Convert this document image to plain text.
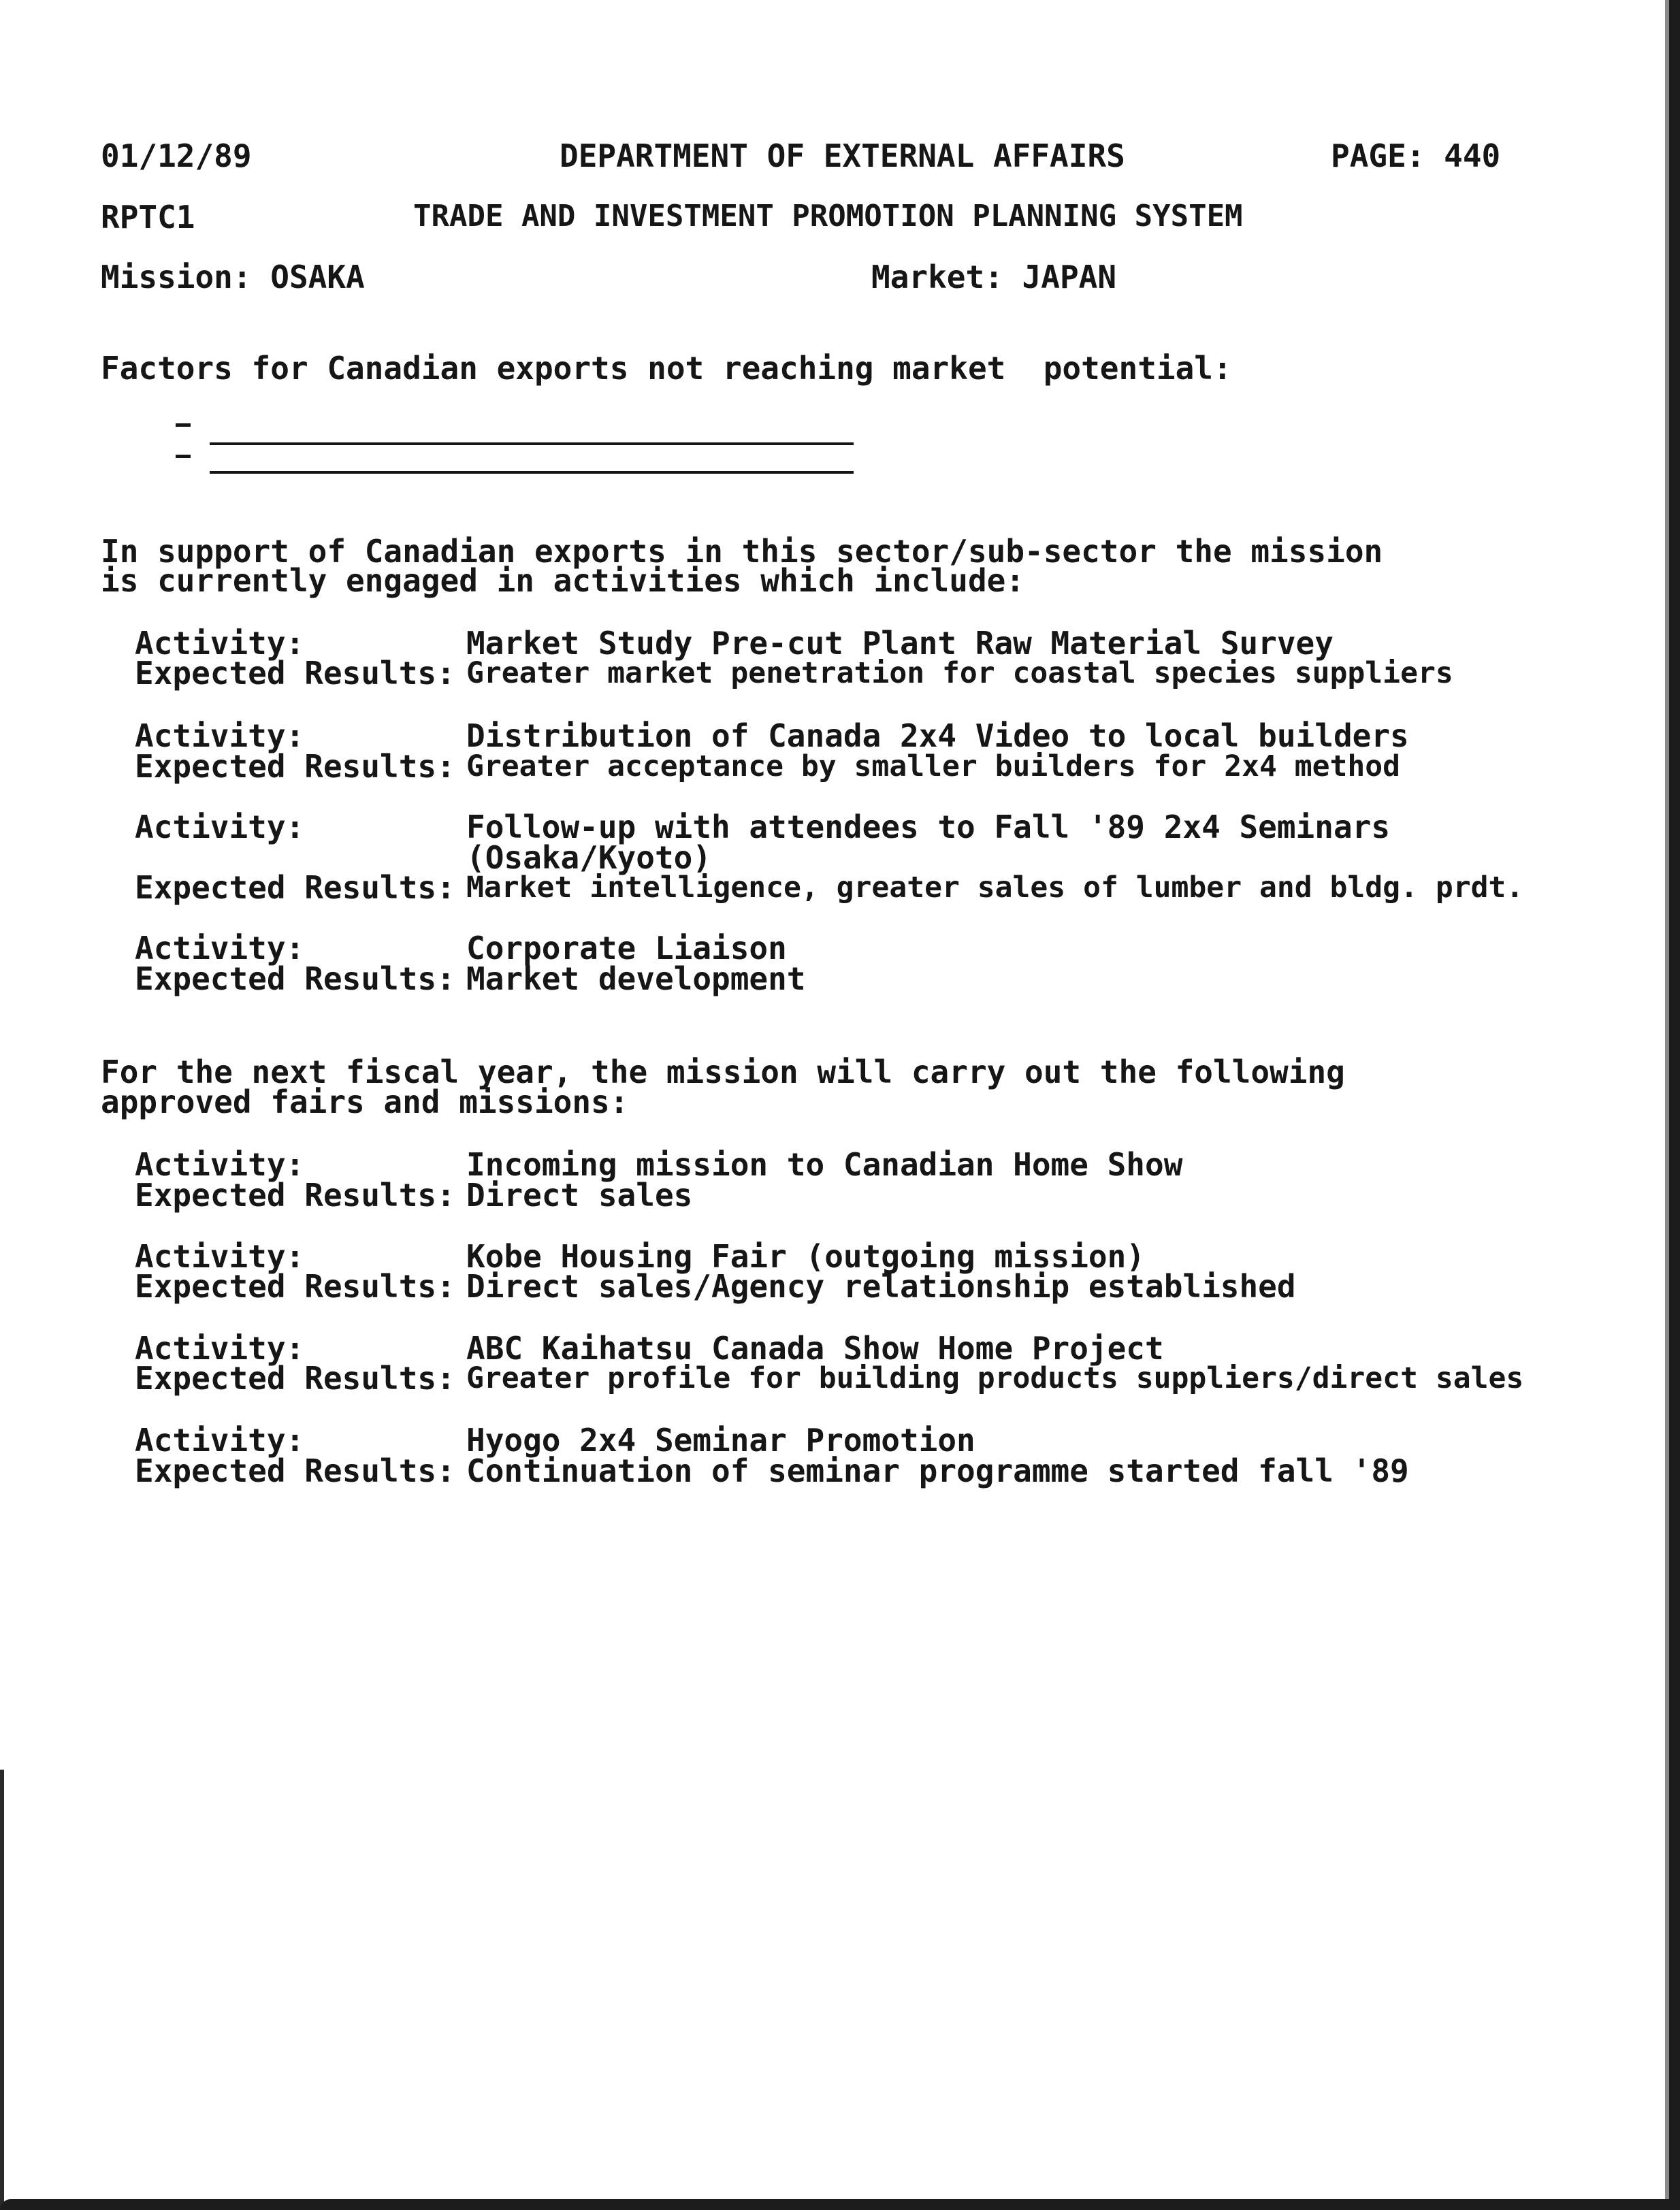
01/12/89	DEPARTMENT OF EXTERNAL AFFAIRS	PAGE: 440
RPTC1	TRADE AND INVESTMENT PROMOTION PLANNING SYSTEM
Mission: OSAKA	Market: JAPAN
Factors for Canadian exports not reaching market  potential:
In support of Canadian exports in this sector/sub-sector the mission
is currently engaged in activities which include:
Activity:	Market Study Pre-cut Plant Raw Material Survey
Expected Results: Greater market penetration for coastal species suppliers
Activity:	Distribution of Canada 2x4 Video to local builders
Expected Results: Greater acceptance by smaller builders for 2x4 method
Activity:	Follow-up with attendees to Fall '89 2x4 Seminars
(Osaka/Kyoto)
Expected Results: Market intelligence, greater sales of lumber and bldg. prdt.
Activity:	Corporate Liaison
Expected Results: Market development
For the next fiscal year, the mission will carry out the following
approved fairs and missions:
Activity:	Incoming mission to Canadian Home Show
Expected Results: Direct sales
Activity:	Kobe Housing Fair (outgoing mission)
Expected Results: Direct sales/Agency relationship established
Activity:	ABC Kaihatsu Canada Show Home Project
Expected Results: Greater profile for building products suppliers/direct sales
Activity:	Hyogo 2x4 Seminar Promotion
Expected Results: Continuation of seminar programme started fall '89
